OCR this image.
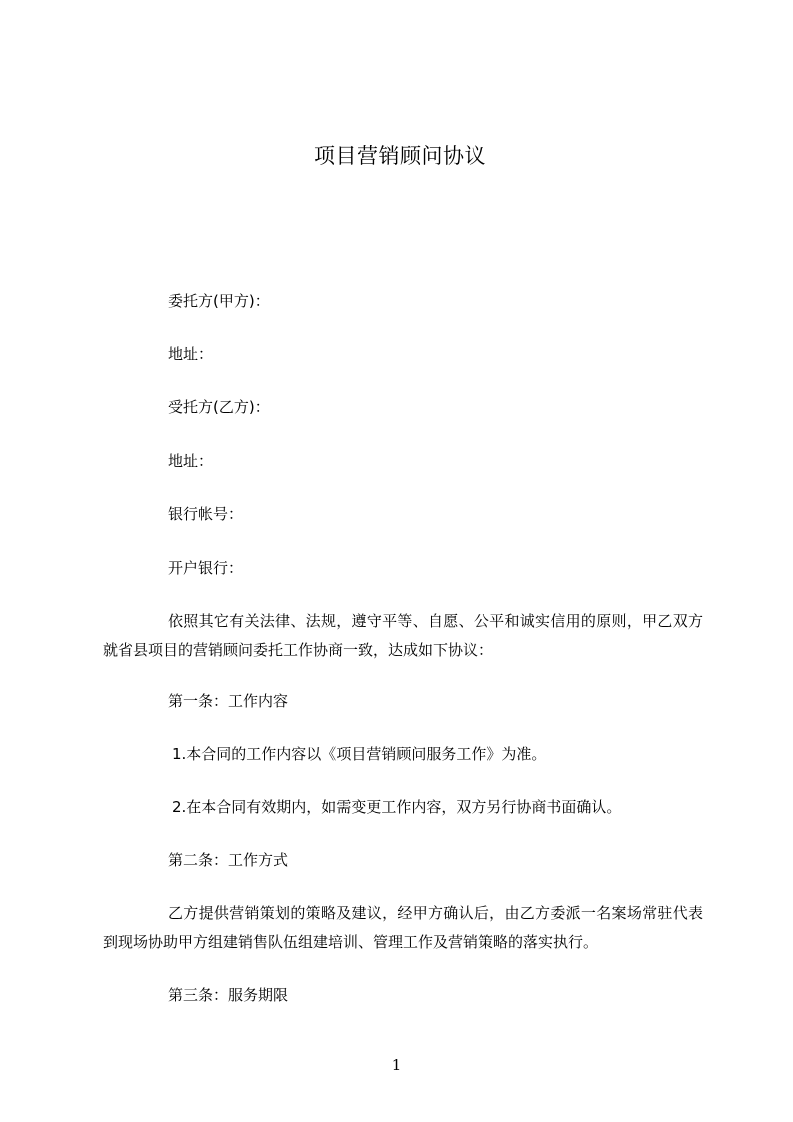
项目营销顾问协议
委托方(甲方)：
地址：
受托方(乙方)：
地址：
银行帐号：
开户银行：
依照其它有关法律、法规，遵守平等、自愿、公平和诚实信用的原则，甲乙双方就省县项目的营销顾问委托工作协商一致，达成如下协议：
第一条：工作内容
1.本合同的工作内容以《项目营销顾问服务工作》为准。
2.在本合同有效期内，如需变更工作内容，双方另行协商书面确认。
第二条：工作方式
乙方提供营销策划的策略及建议，经甲方确认后，由乙方委派一名案场常驻代表到现场协助甲方组建销售队伍组建培训、管理工作及营销策略的落实执行。
第三条：服务期限
1
